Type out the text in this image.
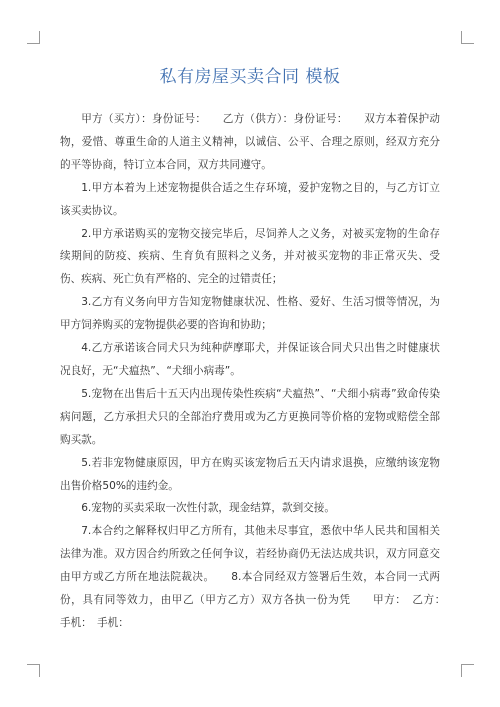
私有房屋买卖合同 模板

甲方（买方）：身份证号：　　乙方（供方）：身份证号：　　双方本着保护动物，爱惜、尊重生命的人道主义精神，以诚信、公平、合理之原则，经双方充分的平等协商，特订立本合同，双方共同遵守。

1.甲方本着为上述宠物提供合适之生存环境，爱护宠物之目的，与乙方订立该买卖协议。

2.甲方承诺购买的宠物交接完毕后，尽饲养人之义务，对被买宠物的生命存续期间的防疫、疾病、生育负有照料之义务，并对被买宠物的非正常灭失、受伤、疾病、死亡负有严格的、完全的过错责任；

3.乙方有义务向甲方告知宠物健康状况、性格、爱好、生活习惯等情况，为甲方饲养购买的宠物提供必要的咨询和协助；

4.乙方承诺该合同犬只为纯种萨摩耶犬，并保证该合同犬只出售之时健康状况良好，无“犬瘟热”、“犬细小病毒”。

5.宠物在出售后十五天内出现传染性疾病“犬瘟热”、“犬细小病毒”致命传染病问题，乙方承担犬只的全部治疗费用或为乙方更换同等价格的宠物或赔偿全部购买款。

5.若非宠物健康原因，甲方在购买该宠物后五天内请求退换，应缴纳该宠物出售价格50%的违约金。

6.宠物的买卖采取一次性付款，现金结算，款到交接。

7.本合约之解释权归甲乙方所有，其他未尽事宜，悉依中华人民共和国相关法律为准。双方因合约所致之任何争议，若经协商仍无法达成共识，双方同意交由甲方或乙方所在地法院裁决。　　8.本合同经双方签署后生效，本合同一式两份，具有同等效力，由甲乙（甲方乙方）双方各执一份为凭　　甲方：　乙方：　　手机：　手机：
